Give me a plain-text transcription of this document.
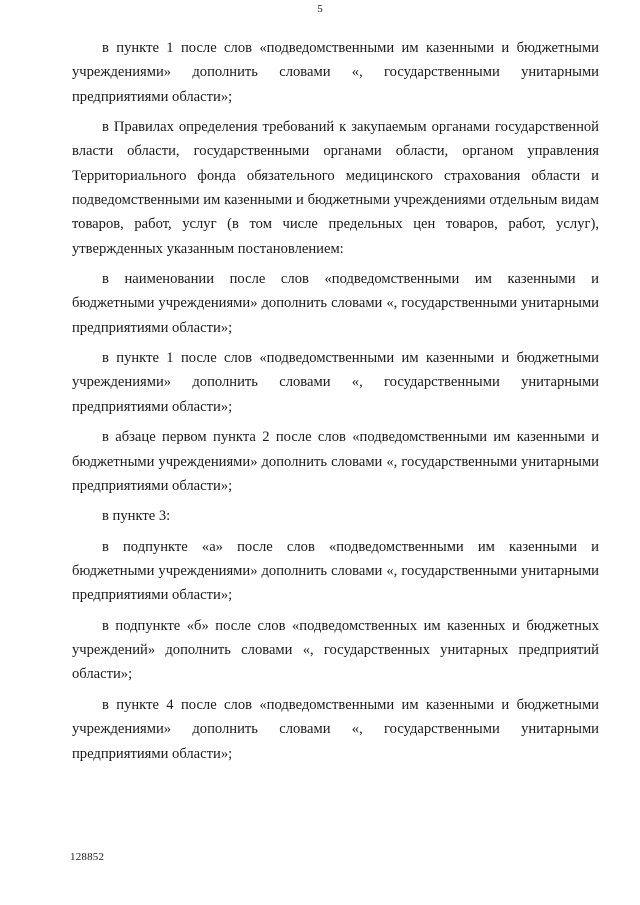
5

в пункте 1 после слов «подведомственными им казенными и бюджетными учреждениями» дополнить словами «, государственными унитарными предприятиями области»;

в Правилах определения требований к закупаемым органами государственной власти области, государственными органами области, органом управления Территориального фонда обязательного медицинского страхования области и подведомственными им казенными и бюджетными учреждениями отдельным видам товаров, работ, услуг (в том числе предельных цен товаров, работ, услуг), утвержденных указанным постановлением:

в наименовании после слов «подведомственными им казенными и бюджетными учреждениями» дополнить словами «, государственными унитарными предприятиями области»;

в пункте 1 после слов «подведомственными им казенными и бюджетными учреждениями» дополнить словами «, государственными унитарными предприятиями области»;

в абзаце первом пункта 2 после слов «подведомственными им казенными и бюджетными учреждениями» дополнить словами «, государственными унитарными предприятиями области»;

в пункте 3:

в подпункте «а» после слов «подведомственными им казенными и бюджетными учреждениями» дополнить словами «, государственными унитарными предприятиями области»;

в подпункте «б» после слов «подведомственных им казенных и бюджетных учреждений» дополнить словами «, государственных унитарных предприятий области»;

в пункте 4 после слов «подведомственными им казенными и бюджетными учреждениями» дополнить словами «, государственными унитарными предприятиями области»;

128852
